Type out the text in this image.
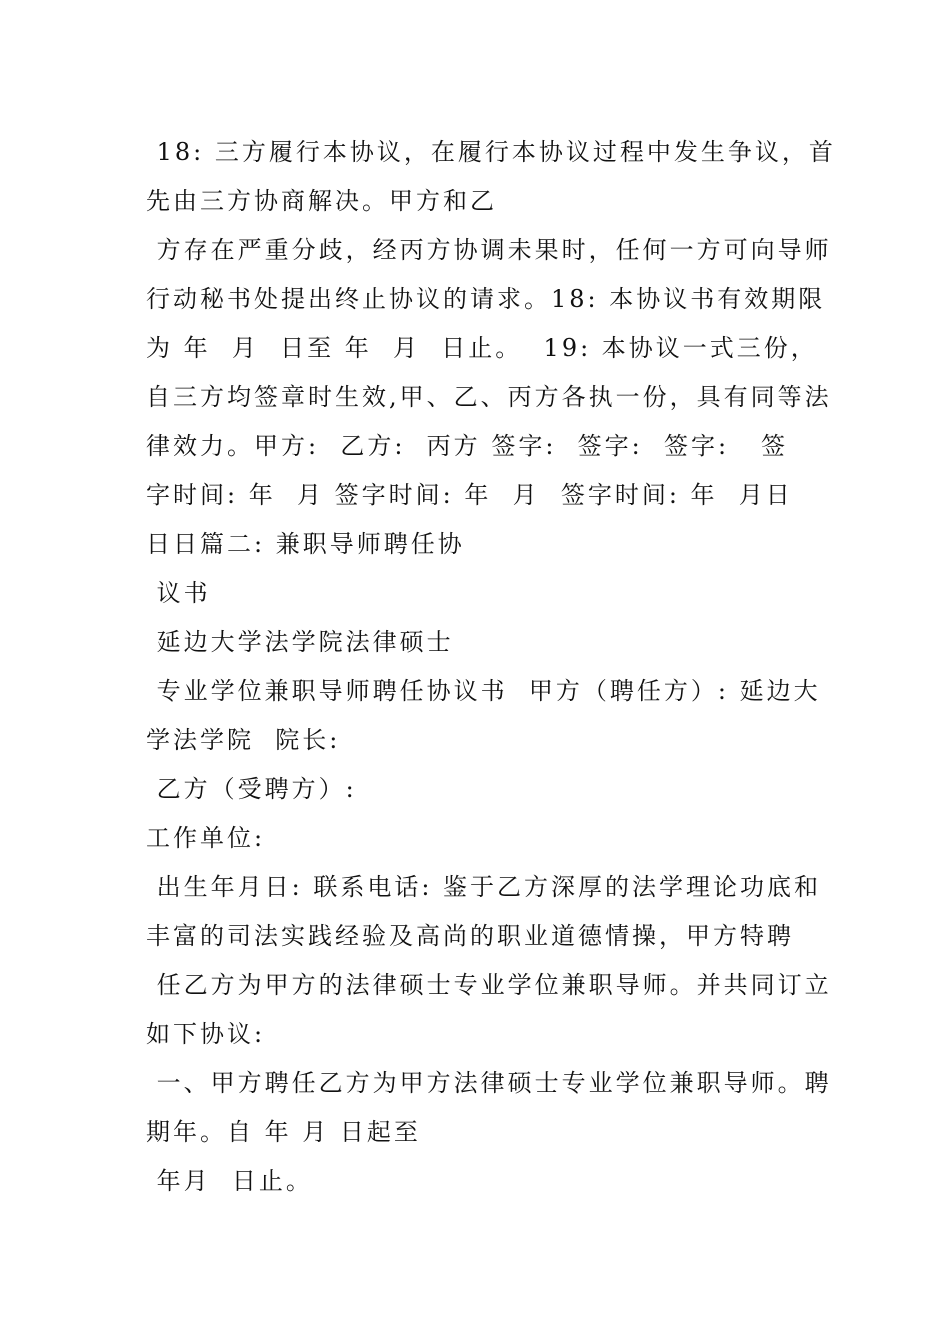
18: 三方履行本协议，在履行本协议过程中发生争议，首
先由三方协商解决。甲方和乙
方存在严重分歧，经丙方协调未果时，任何一方可向导师
行动秘书处提出终止协议的请求。18: 本协议书有效期限
为 年  月  日至 年  月  日止。  19: 本协议一式三份，
自三方均签章时生效,甲、乙、丙方各执一份，具有同等法
律效力。甲方:  乙方:  丙方 签字:  签字:  签字:   签
字时间: 年  月 签字时间: 年  月  签字时间: 年  月日
日日篇二: 兼职导师聘任协
议书
延边大学法学院法律硕士
专业学位兼职导师聘任协议书  甲方（聘任方）: 延边大
学法学院  院长:
乙方（受聘方）:
工作单位:
出生年月日: 联系电话: 鉴于乙方深厚的法学理论功底和
丰富的司法实践经验及高尚的职业道德情操，甲方特聘
任乙方为甲方的法律硕士专业学位兼职导师。并共同订立
如下协议:
一、甲方聘任乙方为甲方法律硕士专业学位兼职导师。聘
期年。自 年 月 日起至
年月  日止。
